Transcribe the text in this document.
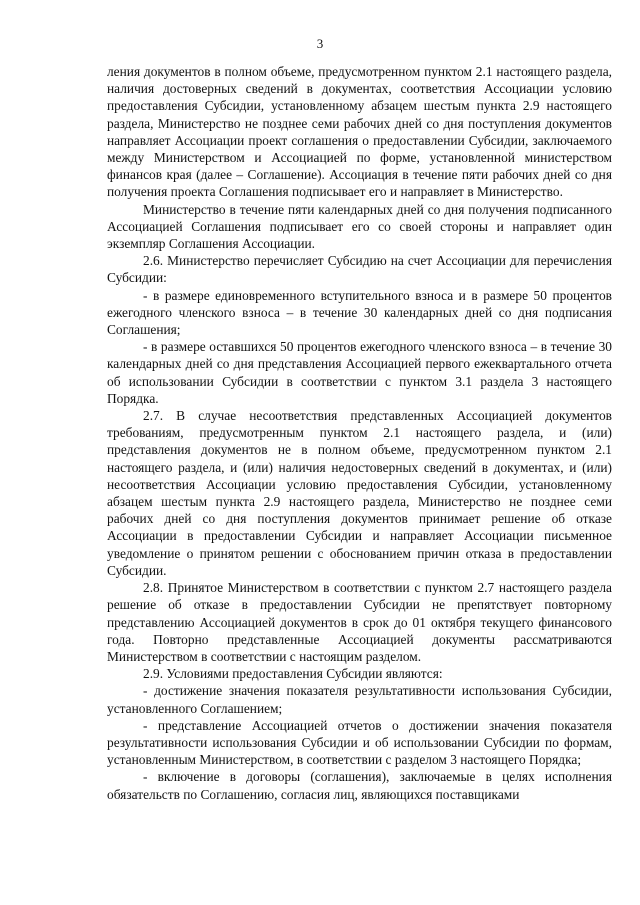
3

ления документов в полном объеме, предусмотренном пунктом 2.1 настоящего раздела, наличия достоверных сведений в документах, соответствия Ассоциации условию предоставления Субсидии, установленному абзацем шестым пункта 2.9 настоящего раздела, Министерство не позднее семи рабочих дней со дня поступления документов направляет Ассоциации проект соглашения о предоставлении Субсидии, заключаемого между Министерством и Ассоциацией по форме, установленной министерством финансов края (далее – Соглашение). Ассоциация в течение пяти рабочих дней со дня получения проекта Соглашения подписывает его и направляет в Министерство.

Министерство в течение пяти календарных дней со дня получения подписанного Ассоциацией Соглашения подписывает его со своей стороны и направляет один экземпляр Соглашения Ассоциации.

2.6. Министерство перечисляет Субсидию на счет Ассоциации для перечисления Субсидии:

- в размере единовременного вступительного взноса и в размере 50 процентов ежегодного членского взноса – в течение 30 календарных дней со дня подписания Соглашения;

- в размере оставшихся 50 процентов ежегодного членского взноса – в течение 30 календарных дней со дня представления Ассоциацией первого ежеквартального отчета об использовании Субсидии в соответствии с пунктом 3.1 раздела 3 настоящего Порядка.

2.7. В случае несоответствия представленных Ассоциацией документов требованиям, предусмотренным пунктом 2.1 настоящего раздела, и (или) представления документов не в полном объеме, предусмотренном пунктом 2.1 настоящего раздела, и (или) наличия недостоверных сведений в документах, и (или) несоответствия Ассоциации условию предоставления Субсидии, установленному абзацем шестым пункта 2.9 настоящего раздела, Министерство не позднее семи рабочих дней со дня поступления документов принимает решение об отказе Ассоциации в предоставлении Субсидии и направляет Ассоциации письменное уведомление о принятом решении с обоснованием причин отказа в предоставлении Субсидии.

2.8. Принятое Министерством в соответствии с пунктом 2.7 настоящего раздела решение об отказе в предоставлении Субсидии не препятствует повторному представлению Ассоциацией документов в срок до 01 октября текущего финансового года. Повторно представленные Ассоциацией документы рассматриваются Министерством в соответствии с настоящим разделом.

2.9. Условиями предоставления Субсидии являются:

- достижение значения показателя результативности использования Субсидии, установленного Соглашением;

- представление Ассоциацией отчетов о достижении значения показателя результативности использования Субсидии и об использовании Субсидии по формам, установленным Министерством, в соответствии с разделом 3 настоящего Порядка;

- включение в договоры (соглашения), заключаемые в целях исполнения обязательств по Соглашению, согласия лиц, являющихся поставщиками
